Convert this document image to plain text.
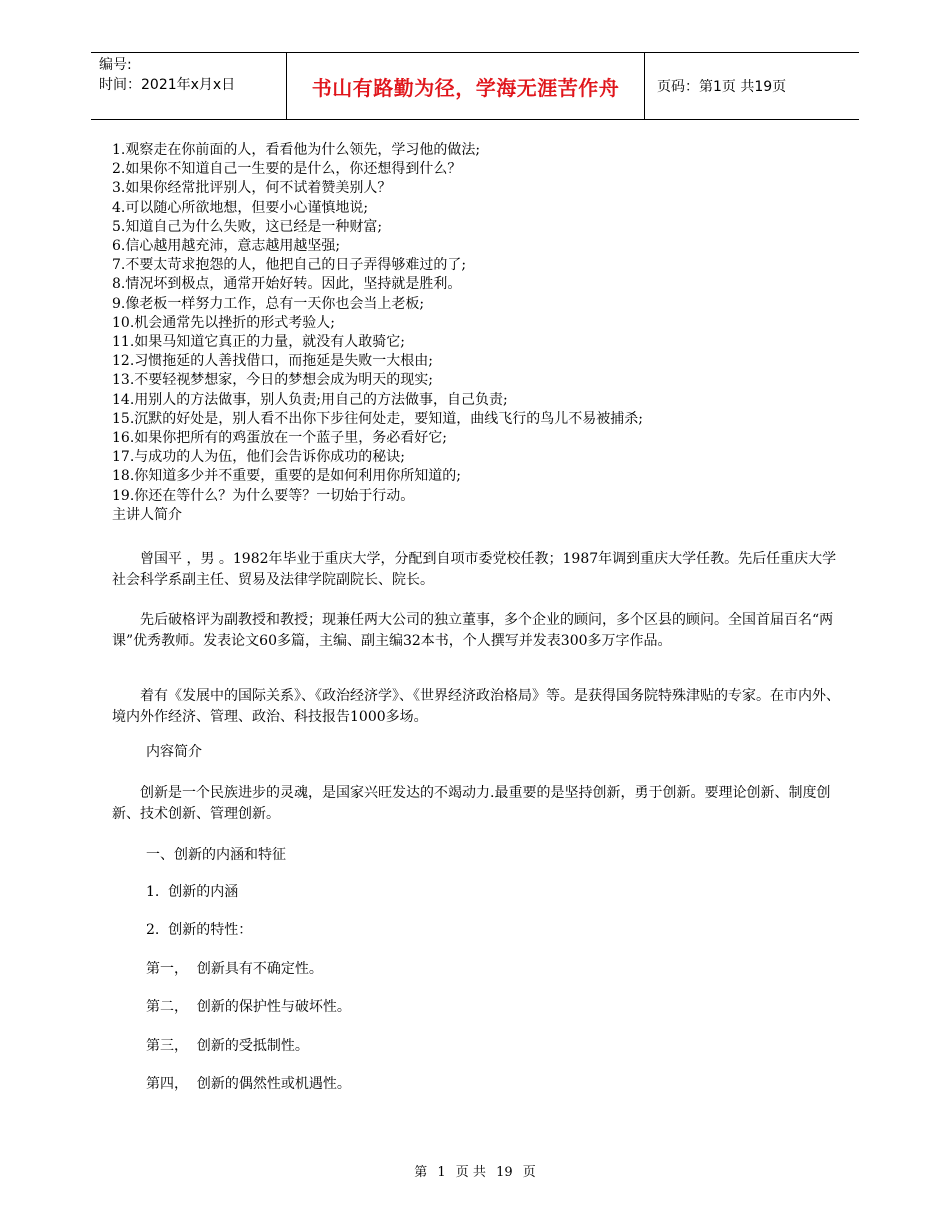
编号:
时间：2021年x月x日	书山有路勤为径，学海无涯苦作舟	页码：第1页 共19页
1.观察走在你前面的人，看看他为什么领先，学习他的做法;
2.如果你不知道自己一生要的是什么，你还想得到什么？
3.如果你经常批评别人，何不试着赞美别人？
4.可以随心所欲地想，但要小心谨慎地说;
5.知道自己为什么失败，这已经是一种财富;
6.信心越用越充沛，意志越用越坚强;
7.不要太苛求抱怨的人，他把自己的日子弄得够难过的了;
8.情况坏到极点，通常开始好转。因此，坚持就是胜利。
9.像老板一样努力工作，总有一天你也会当上老板;
10.机会通常先以挫折的形式考验人;
11.如果马知道它真正的力量，就没有人敢骑它;
12.习惯拖延的人善找借口，而拖延是失败一大根由;
13.不要轻视梦想家，今日的梦想会成为明天的现实;
14.用别人的方法做事，别人负责;用自己的方法做事，自己负责;
15.沉默的好处是，别人看不出你下步往何处走，要知道，曲线飞行的鸟儿不易被捕杀;
16.如果你把所有的鸡蛋放在一个蓝子里，务必看好它;
17.与成功的人为伍，他们会告诉你成功的秘诀;
18.你知道多少并不重要，重要的是如何利用你所知道的;
19.你还在等什么？为什么要等？一切始于行动。
主讲人简介

曾国平 ，男 。1982年毕业于重庆大学，分配到自项市委党校任教；1987年调到重庆大学任教。先后任重庆大学社会科学系副主任、贸易及法律学院副院长、院长。

先后破格评为副教授和教授；现兼任两大公司的独立董事，多个企业的顾问，多个区县的顾问。全国首届百名“两课”优秀教师。发表论文60多篇，主编、副主编32本书，个人撰写并发表300多万字作品。

着有《发展中的国际关系》、《政治经济学》、《世界经济政治格局》等。是获得国务院特殊津贴的专家。在市内外、境内外作经济、管理、政治、科技报告1000多场。

内容简介

创新是一个民族进步的灵魂，是国家兴旺发达的不竭动力.最重要的是坚持创新，勇于创新。要理论创新、制度创新、技术创新、管理创新。

一、创新的内涵和特征

1.  创新的内涵

2.  创新的特性：

第一，  创新具有不确定性。

第二，  创新的保护性与破坏性。

第三，  创新的受抵制性。

第四，  创新的偶然性或机遇性。

第 1 页 共 19 页
